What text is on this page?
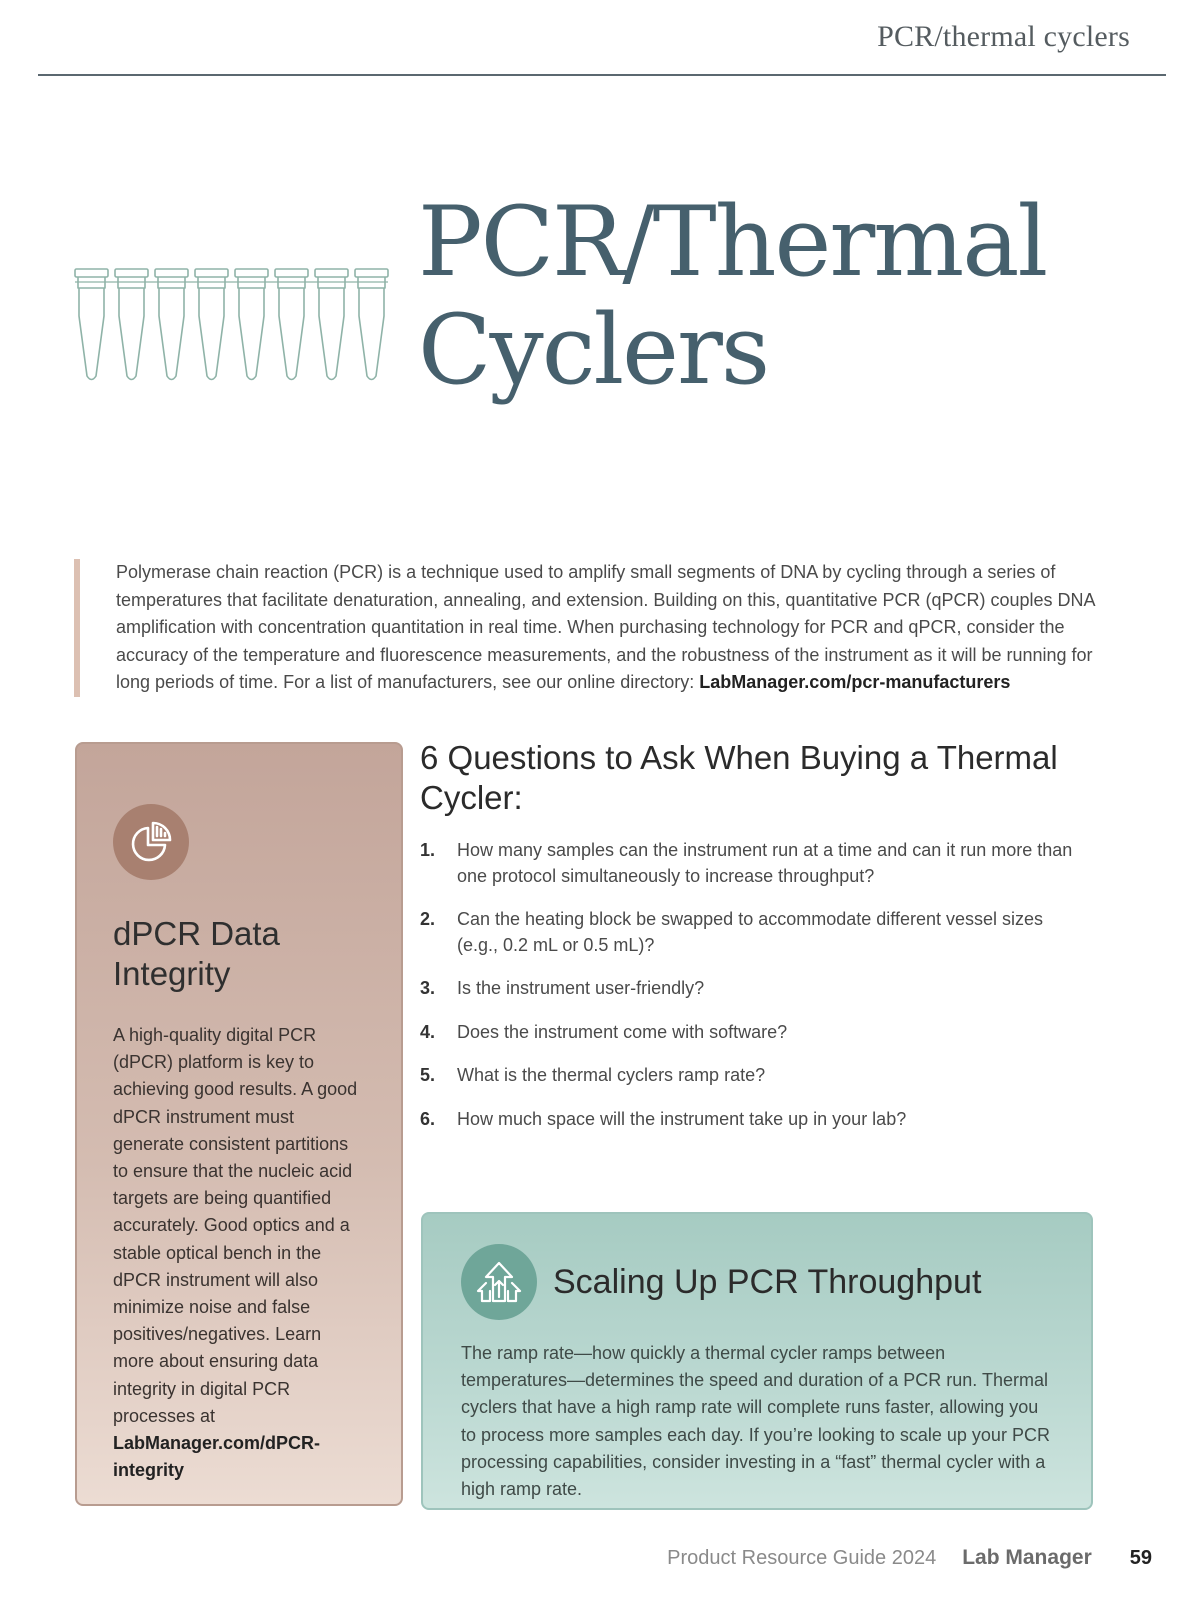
PCR/thermal cyclers
PCR/Thermal
Cyclers

Polymerase chain reaction (PCR) is a technique used to amplify small segments of DNA by cycling through a series of temperatures that facilitate denaturation, annealing, and extension. Building on this, quantitative PCR (qPCR) couples DNA amplification with concentration quantitation in real time. When purchasing technology for PCR and qPCR, consider the accuracy of the temperature and fluorescence measurements, and the robustness of the instrument as it will be running for long periods of time. For a list of manufacturers, see our online directory: LabManager.com/pcr-manufacturers

dPCR Data Integrity

A high-quality digital PCR (dPCR) platform is key to achieving good results. A good dPCR instrument must generate consistent partitions to ensure that the nucleic acid targets are being quantified accurately. Good optics and a stable optical bench in the dPCR instrument will also minimize noise and false positives/negatives. Learn more about ensuring data integrity in digital PCR processes at LabManager.com/dPCR-integrity

6 Questions to Ask When Buying a Thermal Cycler:
1.	How many samples can the instrument run at a time and can it run more than one protocol simultaneously to increase throughput?
2.	Can the heating block be swapped to accommodate different vessel sizes (e.g., 0.2 mL or 0.5 mL)?
3.	Is the instrument user-friendly?
4.	Does the instrument come with software?
5.	What is the thermal cyclers ramp rate?
6.	How much space will the instrument take up in your lab?
Scaling Up PCR Throughput

The ramp rate—how quickly a thermal cycler ramps between temperatures—determines the speed and duration of a PCR run. Thermal cyclers that have a high ramp rate will complete runs faster, allowing you to process more samples each day. If you’re looking to scale up your PCR processing capabilities, consider investing in a “fast” thermal cycler with a high ramp rate.

Product Resource Guide 2024 Lab Manager 59
